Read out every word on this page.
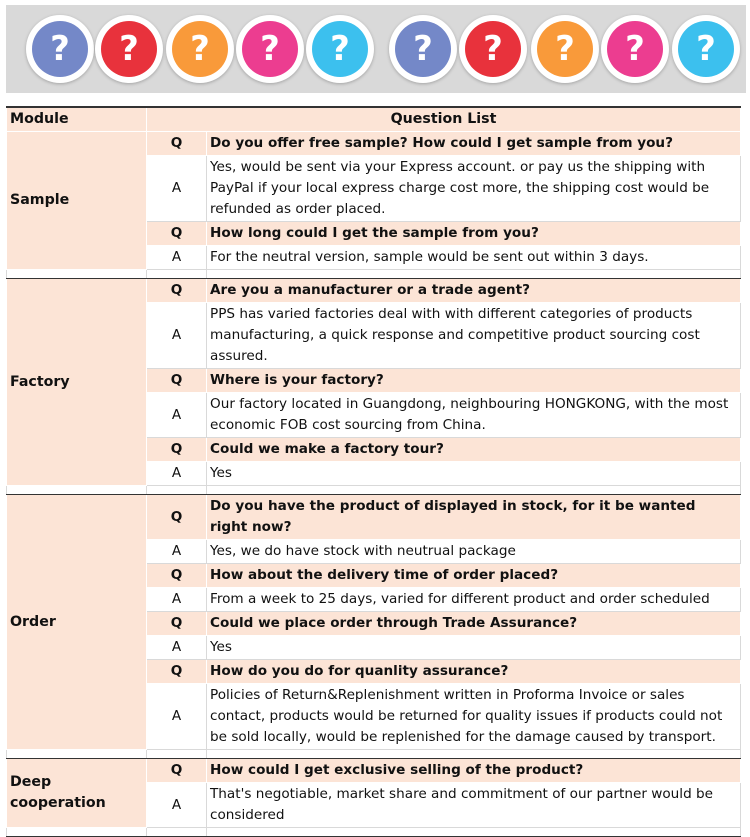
?	?	?	?	?	?	?	?	?	?
Module	Question List	
Sample	Q	Do you offer free sample? How could I get sample from you?
	A	Yes, would be sent via your Express account. or pay us the shipping with PayPal if your local express charge cost more, the shipping cost would be refunded as order placed.
	Q	How long could I get the sample from you?
	A	For the neutral version, sample would be sent out within 3 days.

Factory	Q	Are you a manufacturer or a trade agent?
	A	PPS has varied factories deal with with different categories of products manufacturing, a quick response and competitive product sourcing cost assured.
	Q	Where is your factory?
	A	Our factory located in Guangdong, neighbouring HONGKONG, with the most economic FOB cost sourcing from China.
	Q	Could we make a factory tour?
	A	Yes

Order	Q	Do you have the product of displayed in stock, for it be wanted right now?
	A	Yes, we do have stock with neutrual package
	Q	How about the delivery time of order placed?
	A	From a week to 25 days, varied for different product and order scheduled
	Q	Could we place order through Trade Assurance?
	A	Yes
	Q	How do you do for quanlity assurance?
	A	Policies of Return&Replenishment written in Proforma Invoice or sales contact, products would be returned for quality issues if products could not be sold locally, would be replenished for the damage caused by transport.

Deep cooperation	Q	How could I get exclusive selling of the product?
	A	That's negotiable, market share and commitment of our partner would be considered
